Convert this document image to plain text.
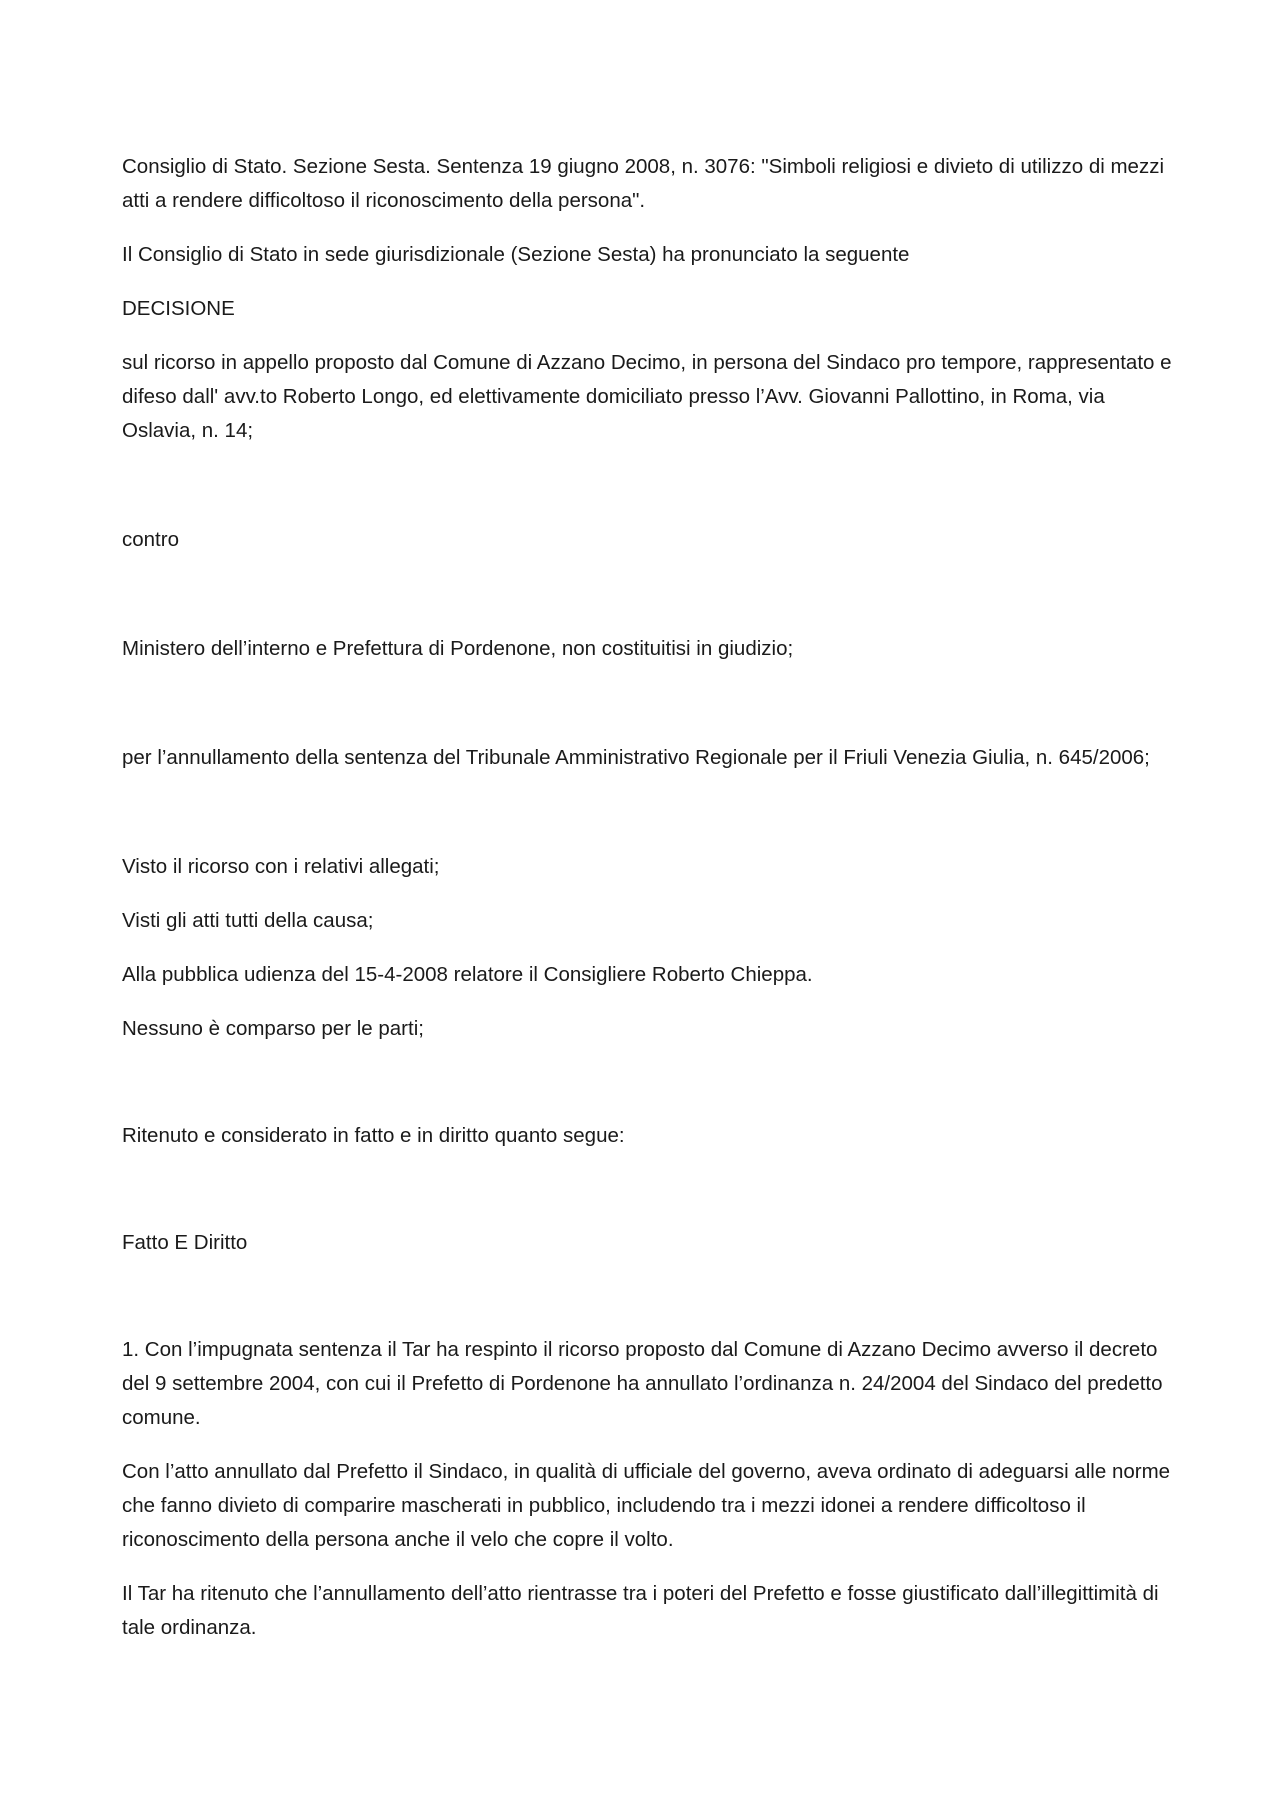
Consiglio di Stato. Sezione Sesta. Sentenza 19 giugno 2008, n. 3076: "Simboli religiosi e divieto di utilizzo di mezzi atti a rendere difficoltoso il riconoscimento della persona".

Il Consiglio di Stato in sede giurisdizionale (Sezione Sesta) ha pronunciato la seguente

DECISIONE

sul ricorso in appello proposto dal Comune di Azzano Decimo, in persona del Sindaco pro tempore, rappresentato e difeso dall' avv.to Roberto Longo, ed elettivamente domiciliato presso l’Avv. Giovanni Pallottino, in Roma, via Oslavia, n. 14;

contro

Ministero dell’interno e Prefettura di Pordenone, non costituitisi in giudizio;

per l’annullamento della sentenza del Tribunale Amministrativo Regionale per il Friuli Venezia Giulia, n. 645/2006;

Visto il ricorso con i relativi allegati;

Visti gli atti tutti della causa;

Alla pubblica udienza del 15-4-2008 relatore il Consigliere Roberto Chieppa.

Nessuno è comparso per le parti;

Ritenuto e considerato in fatto e in diritto quanto segue:

Fatto E Diritto

1. Con l’impugnata sentenza il Tar ha respinto il ricorso proposto dal Comune di Azzano Decimo avverso il decreto del 9 settembre 2004, con cui il Prefetto di Pordenone ha annullato l’ordinanza n. 24/2004 del Sindaco del predetto comune.

Con l’atto annullato dal Prefetto il Sindaco, in qualità di ufficiale del governo, aveva ordinato di adeguarsi alle norme che fanno divieto di comparire mascherati in pubblico, includendo tra i mezzi idonei a rendere difficoltoso il riconoscimento della persona anche il velo che copre il volto.

Il Tar ha ritenuto che l’annullamento dell’atto rientrasse tra i poteri del Prefetto e fosse giustificato dall’illegittimità di tale ordinanza.
